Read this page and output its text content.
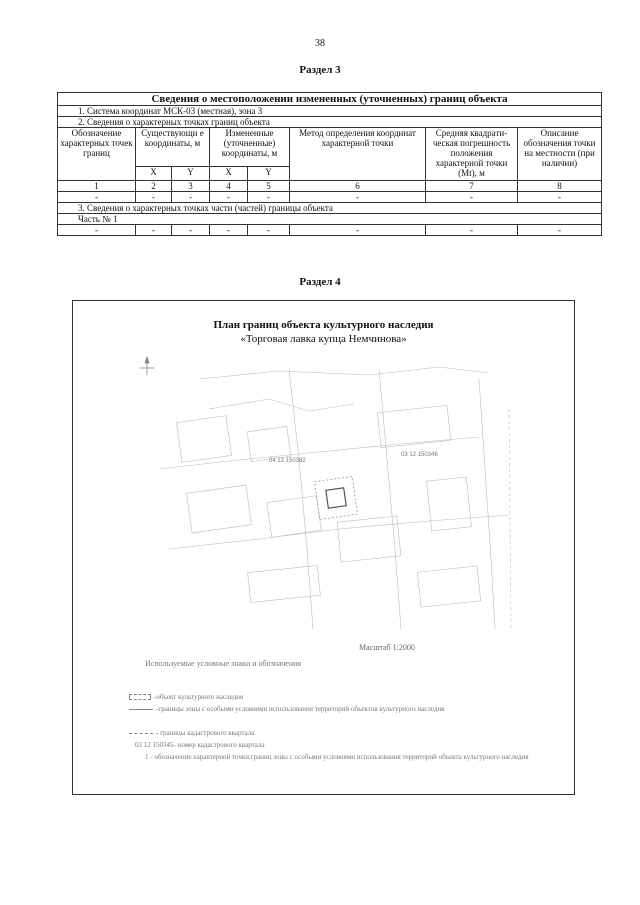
38
Раздел 3
Сведения о местоположении измененных (уточненных) границ объекта							
1. Система координат МСК-03 (местная), зона 3							
2. Сведения о характерных точках границ объекта							
Обозначение характерных точек границ	Существующи е координаты, м		Измененные (уточненные) координаты, м		Метод определения координат характерной точки	Средняя квадрати-ческая погрешность положения характерной точки (Mt), м	Описание обозначения точки на местности (при наличии)
	X	Y	X	Y			
1	2	3	4	5	6	7	8
-	-	-	-	-	-	-	-
3. Сведения о характерных точках части (частей) границы объекта							
Часть № 1							
-	-	-	-	-	-	-	-
Раздел 4
План границ объекта культурного наследия
«Торговая лавка купца Немчинова»
04 12 150382
03 12 150346
Масштаб 1:2000
Используемые условные знаки и обозначения
-объект культурного наследия
-границы зоны с особыми условиями использования территорий объектов культурного наследия
- границы кадастрового квартала
03 12 150345- номер кадастрового квартала
1 - обозначение характерной точки границ зоны с особыми условиями использования территорий объекта культурного наследия
